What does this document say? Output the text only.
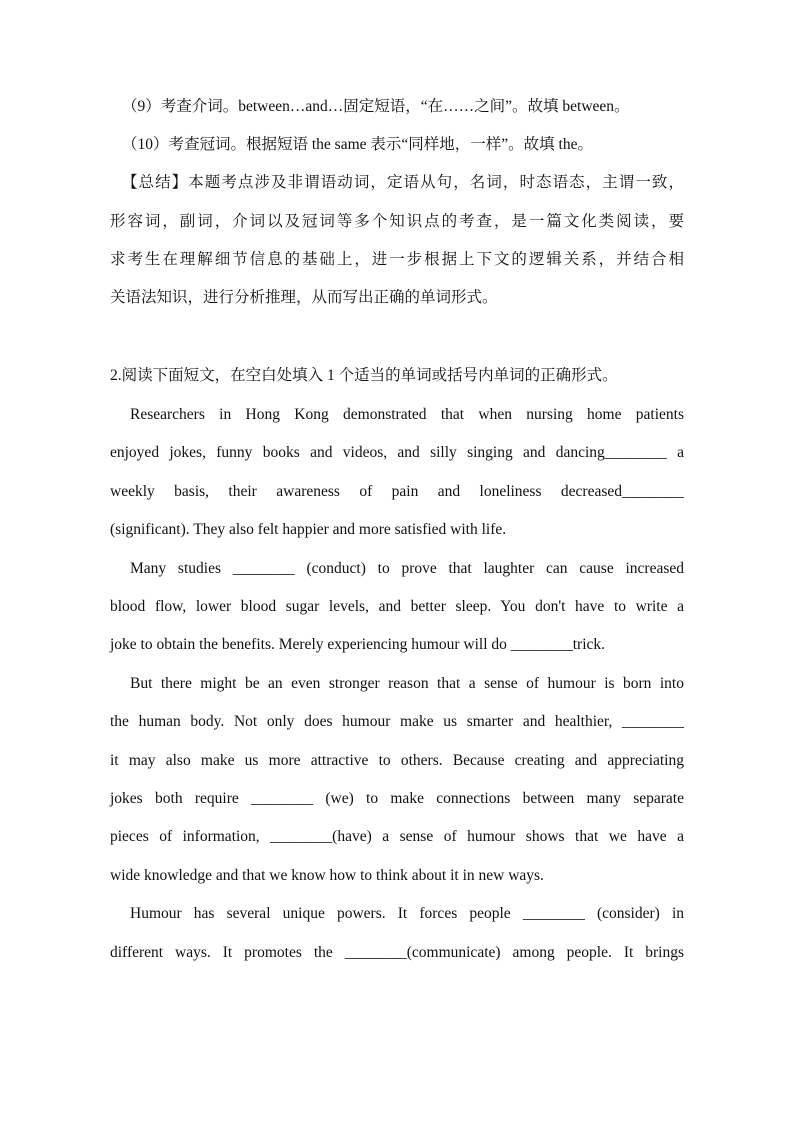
（9）考查介词。between…and…固定短语，“在……之间”。故填 between。
（10）考查冠词。根据短语 the same 表示“同样地，一样”。故填 the。
【总结】本题考点涉及非谓语动词，定语从句，名词，时态语态，主谓一致，
形容词，副词，介词以及冠词等多个知识点的考查，是一篇文化类阅读，要
求考生在理解细节信息的基础上，进一步根据上下文的逻辑关系，并结合相
关语法知识，进行分析推理，从而写出正确的单词形式。
2.阅读下面短文，在空白处填入 1 个适当的单词或括号内单词的正确形式。
Researchers in Hong Kong demonstrated that when nursing home patients
enjoyed jokes, funny books and videos, and silly singing and dancing________ a
weekly basis, their awareness of pain and loneliness decreased________
(significant). They also felt happier and more satisfied with life.
Many studies ________ (conduct) to prove that laughter can cause increased
blood flow, lower blood sugar levels, and better sleep. You don't have to write a
joke to obtain the benefits. Merely experiencing humour will do ________trick.
But there might be an even stronger reason that a sense of humour is born into
the human body. Not only does humour make us smarter and healthier, ________
it may also make us more attractive to others. Because creating and appreciating
jokes both require ________ (we) to make connections between many separate
pieces of information, ________(have) a sense of humour shows that we have a
wide knowledge and that we know how to think about it in new ways.
Humour has several unique powers. It forces people ________ (consider) in
different ways. It promotes the ________(communicate) among people. It brings
